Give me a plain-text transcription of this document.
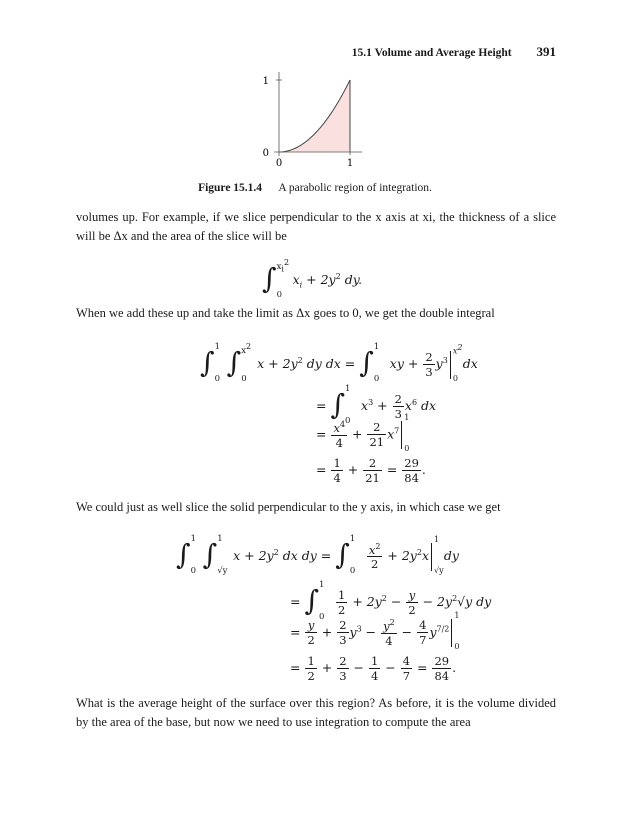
15.1 Volume and Average Height 391
1
0
0	1
Figure 15.1.4 A parabolic region of integration.
volumes up. For example, if we slice perpendicular to the x axis at xi, the thickness of a slice will be Δx and the area of the slice will be
∫ $x_i^2$
0
$x_i + 2y^2$ dy.
When we add these up and take the limit as Δx goes to 0, we get the double integral
∫ 1
0 ∫ $x^2$
0
$x + 2y^2$ dy dx = ∫ 1
0
xy + $\frac{2}{3} y^3$
$x^2$
0
dx
= ∫ 1
0
$x^3 + \frac{2}{3} x^6$ dx
= $\frac{x^4}{4} + \frac{2}{21} x^7$
1
0
= $\frac{1}{4} + \frac{2}{21} = \frac{29}{84}$ .
We could just as well slice the solid perpendicular to the y axis, in which case we get
∫ 1
0 ∫ 1
√y
$x + 2y^2$ dx dy = ∫ 1
0
$\frac{x^2}{2} + 2y^2x$
1
√y
dy
= ∫ 1
0
$\frac{1}{2} + 2y^2 - \frac{y}{2} - 2y^2√y$ dy
= $\frac{y}{2} + \frac{2}{3} y^3 - \frac{y^2}{4} - \frac{4}{7} y^{7/2}$
1
0
= $\frac{1}{2} + \frac{2}{3} - \frac{1}{4} - \frac{4}{7} = \frac{29}{84}$ .
What is the average height of the surface over this region? As before, it is the volume divided by the area of the base, but now we need to use integration to compute the area
